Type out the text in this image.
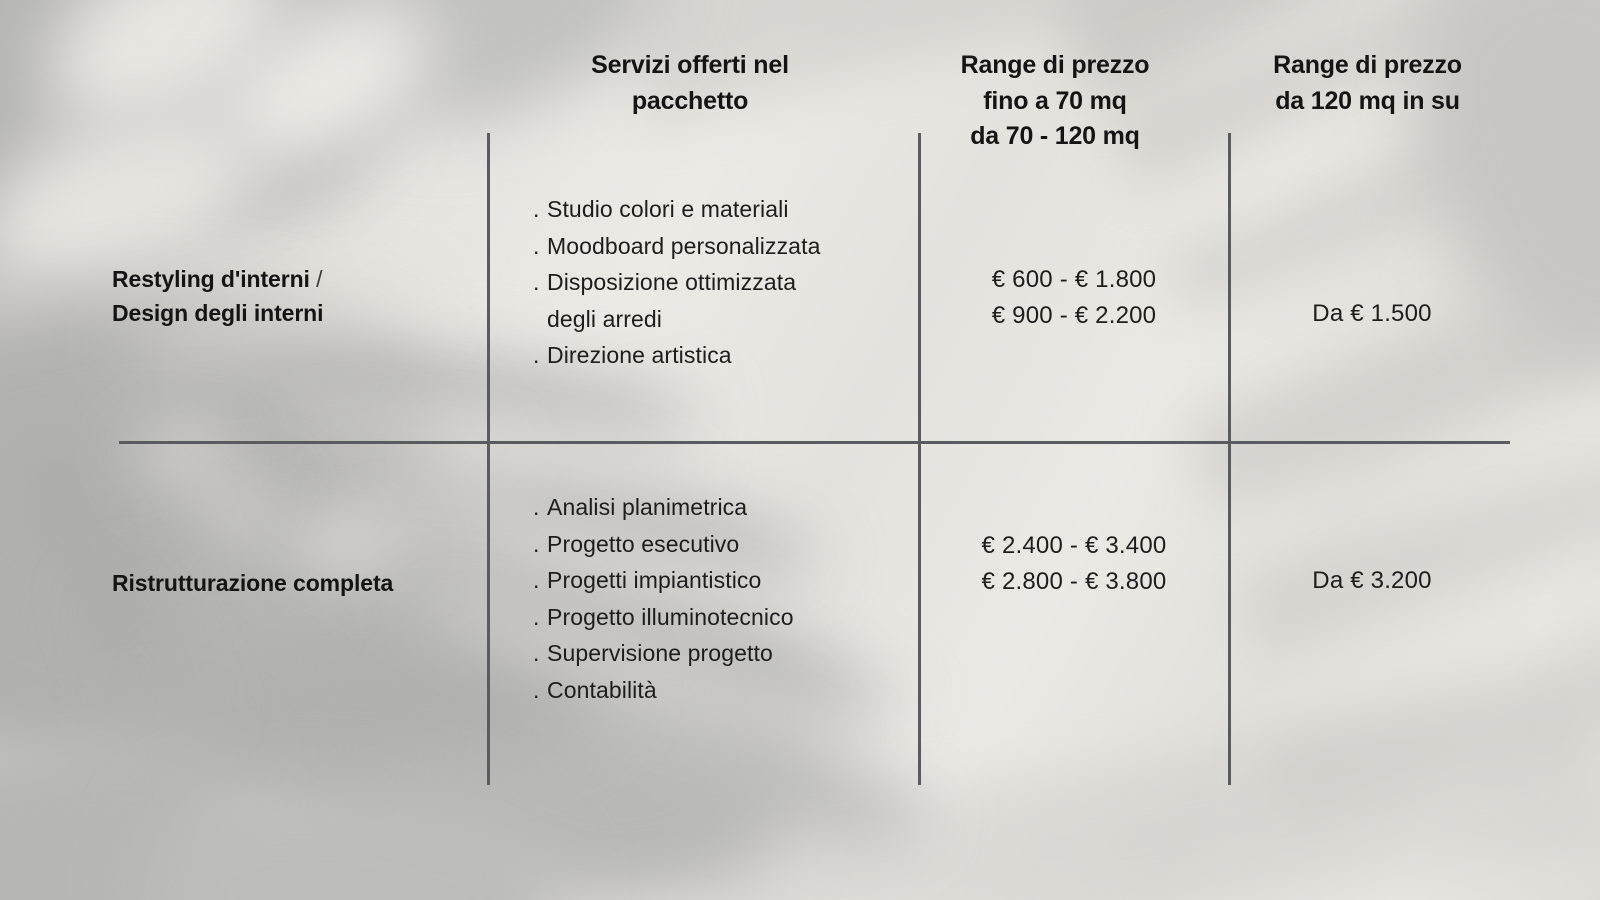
Servizi offerti nel
pacchetto
Range di prezzo
fino a 70 mq
da 70 - 120 mq
Range di prezzo
da 120 mq in su
Restyling d'interni /
Design degli interni
. Studio colori e materiali
. Moodboard personalizzata
. Disposizione ottimizzata
degli arredi
. Direzione artistica
€ 600 - € 1.800
€ 900 - € 2.200	Da € 1.500
Ristrutturazione completa
. Analisi planimetrica
. Progetto esecutivo
. Progetti impiantistico
. Progetto illuminotecnico
. Supervisione progetto
. Contabilità
€ 2.400 - € 3.400
€ 2.800 - € 3.800	Da € 3.200
